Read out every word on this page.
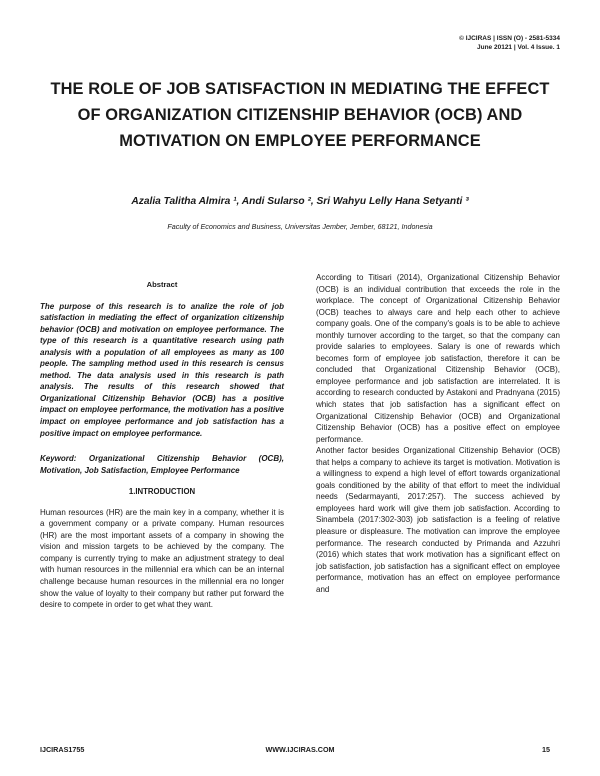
© IJCIRAS | ISSN (O) - 2581-5334
June 20121 | Vol. 4 Issue. 1
THE ROLE OF JOB SATISFACTION IN MEDIATING THE EFFECT OF ORGANIZATION CITIZENSHIP BEHAVIOR (OCB) AND MOTIVATION ON EMPLOYEE PERFORMANCE
Azalia Talitha Almira ¹, Andi Sularso ², Sri Wahyu Lelly Hana Setyanti ³
Faculty of Economics and Business, Universitas Jember, Jember, 68121, Indonesia
Abstract

The purpose of this research is to analize the role of job satisfaction in mediating the effect of organization citizenship behavior (OCB) and motivation on employee performance. The type of this research is a quantitative research using path analysis with a population of all employees as many as 100 people. The sampling method used in this research is census method. The data analysis used in this research is path analysis. The results of this research showed that Organizational Citizenship Behavior (OCB) has a positive impact on employee performance, the motivation has a positive impact on employee performance and job satisfaction has a positive impact on employee performance.

Keyword: Organizational Citizenship Behavior (OCB), Motivation, Job Satisfaction, Employee Performance

1.INTRODUCTION

Human resources (HR) are the main key in a company, whether it is a government company or a private company. Human resources (HR) are the most important assets of a company in showing the vision and mission targets to be achieved by the company. The company is currently trying to make an adjustment strategy to deal with human resources in the millennial era which can be an internal challenge because human resources in the millennial era no longer show the value of loyalty to their company but rather put forward the desire to compete in order to get what they want.

According to Titisari (2014), Organizational Citizenship Behavior (OCB) is an individual contribution that exceeds the role in the workplace. The concept of Organizational Citizenship Behavior (OCB) teaches to always care and help each other to achieve company goals. One of the company's goals is to be able to achieve monthly turnover according to the target, so that the company can provide salaries to employees. Salary is one of rewards which becomes form of employee job satisfaction, therefore it can be concluded that Organizational Citizenship Behavior (OCB), employee performance and job satisfaction are interrelated. It is according to research conducted by Astakoni and Pradnyana (2015) which states that job satisfaction has a significant effect on Organizational Citizenship Behavior (OCB) and Organizational Citizenship Behavior (OCB) has a positive effect on employee performance.

Another factor besides Organizational Citizenship Behavior (OCB) that helps a company to achieve its target is motivation. Motivation is a willingness to expend a high level of effort towards organizational goals conditioned by the ability of that effort to meet the individual needs (Sedarmayanti, 2017:257). The success achieved by employees hard work will give them job satisfaction. According to Sinambela (2017:302-303) job satisfaction is a feeling of relative pleasure or displeasure. The motivation can improve the employee performance. The research conducted by Primanda and Azzuhri (2016) which states that work motivation has a significant effect on job satisfaction, job satisfaction has a significant effect on employee performance, motivation has an effect on employee performance and

IJCIRAS1755	WWW.IJCIRAS.COM	15
